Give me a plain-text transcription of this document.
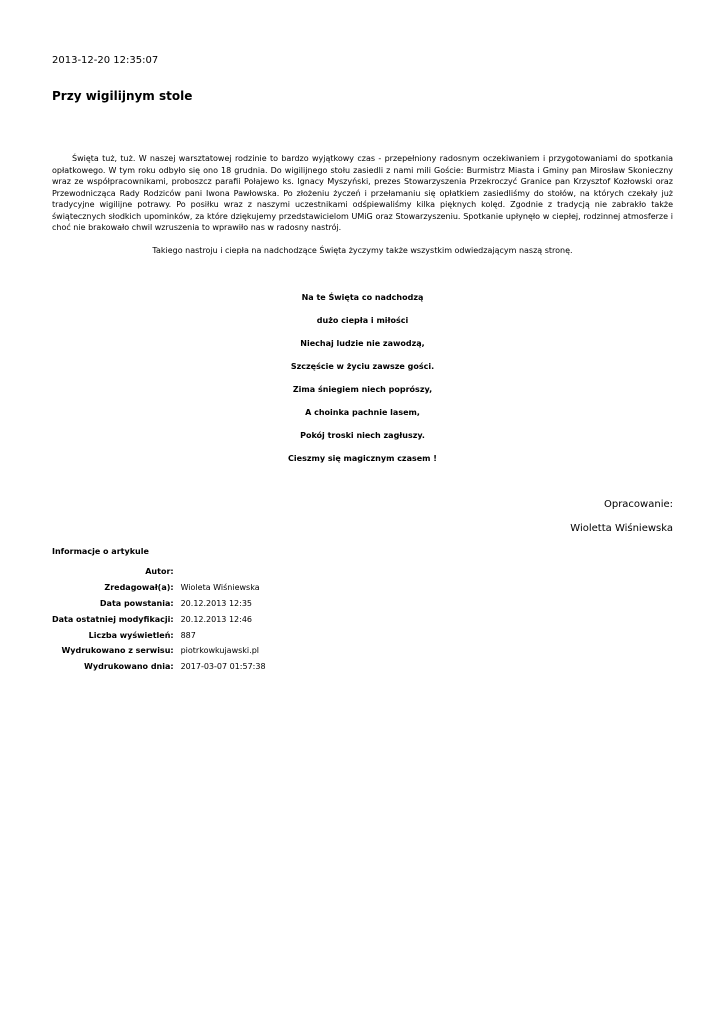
2013-12-20 12:35:07
Przy wigilijnym stole

Święta tuż, tuż. W naszej warsztatowej rodzinie to bardzo wyjątkowy czas - przepełniony radosnym oczekiwaniem i przygotowaniami do spotkania opłatkowego. W tym roku odbyło się ono 18 grudnia. Do wigilijnego stołu zasiedli z nami mili Goście: Burmistrz Miasta i Gminy pan Mirosław Skonieczny wraz ze współpracownikami, proboszcz parafii Połajewo ks. Ignacy Myszyński, prezes Stowarzyszenia Przekroczyć Granice pan Krzysztof Kozłowski oraz Przewodnicząca Rady Rodziców pani Iwona Pawłowska. Po złożeniu życzeń i przełamaniu się opłatkiem zasiedliśmy do stołów, na których czekały już tradycyjne wigilijne potrawy. Po posiłku wraz z naszymi uczestnikami odśpiewaliśmy kilka pięknych kolęd. Zgodnie z tradycją nie zabrakło także świątecznych słodkich upominków, za które dziękujemy przedstawicielom UMiG oraz Stowarzyszeniu. Spotkanie upłynęło w ciepłej, rodzinnej atmosferze i choć nie brakowało chwil wzruszenia to wprawiło nas w radosny nastrój.

Takiego nastroju i ciepła na nadchodzące Święta życzymy także wszystkim odwiedzającym naszą stronę.

Na te Święta co nadchodzą
dużo ciepła i miłości
Niechaj ludzie nie zawodzą,
Szczęście w życiu zawsze gości.
Zima śniegiem niech poprószy,
A choinka pachnie lasem,
Pokój troski niech zagłuszy.
Cieszmy się magicznym czasem !
Opracowanie:
Wioletta Wiśniewska
Informacje o artykule
Autor:	
Zredagował(a):	Wioleta Wiśniewska
Data powstania:	20.12.2013 12:35
Data ostatniej modyfikacji:	20.12.2013 12:46
Liczba wyświetleń:	887
Wydrukowano z serwisu:	piotrkowkujawski.pl
Wydrukowano dnia:	2017-03-07 01:57:38
